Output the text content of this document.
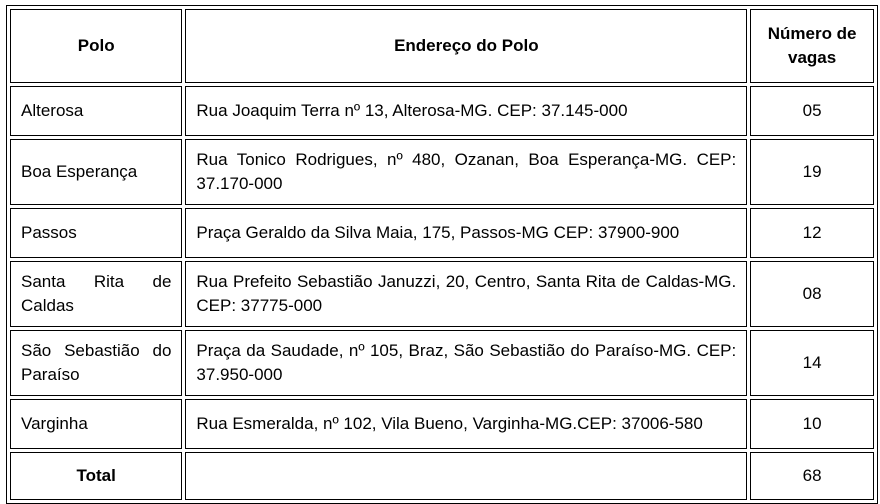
Polo	Endereço do Polo	Número de vagas
Alterosa	Rua Joaquim Terra nº 13, Alterosa-MG. CEP: 37.145-000	05
Boa Esperança	Rua Tonico Rodrigues, nº 480, Ozanan, Boa Esperança-MG. CEP: 37.170-000	19
Passos	Praça Geraldo da Silva Maia, 175, Passos-MG CEP: 37900-900	12
Santa Rita de Caldas	Rua Prefeito Sebastião Januzzi, 20, Centro, Santa Rita de Caldas-MG. CEP: 37775-000	08
São Sebastião do Paraíso	Praça da Saudade, nº 105, Braz, São Sebastião do Paraíso-MG. CEP: 37.950-000	14
Varginha	Rua Esmeralda, nº 102, Vila Bueno, Varginha-MG.CEP: 37006-580	10
Total		68
